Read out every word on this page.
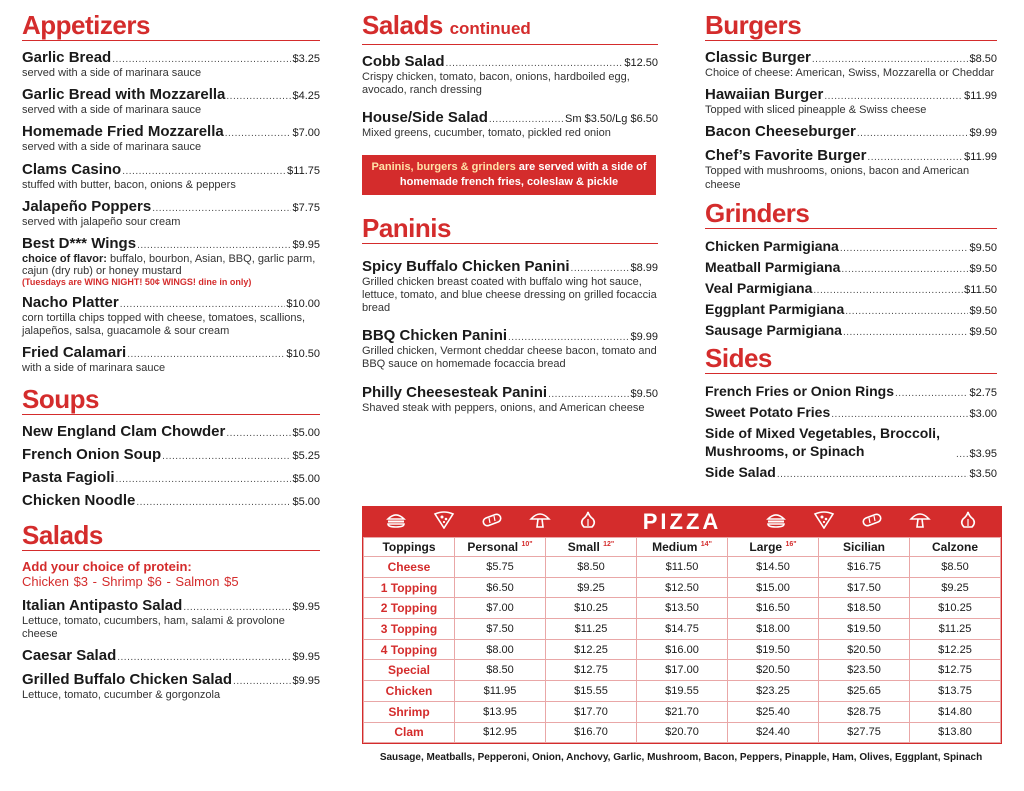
Appetizers
Garlic Bread .....	$3.25
served with a side of marinara sauce
Garlic Bread with Mozzarella .....	$4.25
served with a side of marinara sauce
Homemade Fried Mozzarella .....	$7.00
served with a side of marinara sauce
Clams Casino .....	$11.75
stuffed with butter, bacon, onions & peppers
Jalapeño Poppers .....	$7.75
served with jalapeño sour cream
Best D*** Wings .....	$9.95
choice of flavor: buffalo, bourbon, Asian, BBQ, garlic parm, cajun (dry rub) or honey mustard
(Tuesdays are WING NIGHT! 50¢ WINGS! dine in only)
Nacho Platter .....	$10.00
corn tortilla chips topped with cheese, tomatoes, scallions, jalapeños, salsa, guacamole & sour cream
Fried Calamari .....	$10.50
with a side of marinara sauce
Soups
New England Clam Chowder .....	$5.00
French Onion Soup .....	$5.25
Pasta Fagioli .....	$5.00
Chicken Noodle .....	$5.00
Salads
Add your choice of protein:
Chicken $3 - Shrimp $6 - Salmon $5
Italian Antipasto Salad .....	$9.95
Lettuce, tomato, cucumbers, ham, salami & provolone cheese
Caesar Salad .....	$9.95
Grilled Buffalo Chicken Salad .....	$9.95
Lettuce, tomato, cucumber & gorgonzola
Salads continued
Cobb Salad .....	$12.50
Crispy chicken, tomato, bacon, onions, hardboiled egg, avocado, ranch dressing
House/Side Salad .....	Sm $3.50/Lg $6.50
Mixed greens, cucumber, tomato, pickled red onion
Paninis, burgers & grinders are served with a side of homemade french fries, coleslaw & pickle
Paninis
Spicy Buffalo Chicken Panini .....	$8.99
Grilled chicken breast coated with buffalo wing hot sauce, lettuce, tomato, and blue cheese dressing on grilled focaccia bread
BBQ Chicken Panini .....	$9.99
Grilled chicken, Vermont cheddar cheese bacon, tomato and BBQ sauce on homemade focaccia bread
Philly Cheesesteak Panini .....	$9.50
Shaved steak with peppers, onions, and American cheese
Burgers
Classic Burger .....	$8.50
Choice of cheese: American, Swiss, Mozzarella or Cheddar
Hawaiian Burger .....	$11.99
Topped with sliced pineapple & Swiss cheese
Bacon Cheeseburger .....	$9.99
Chef’s Favorite Burger .....	$11.99
Topped with mushrooms, onions, bacon and American cheese
Grinders
Chicken Parmigiana .....	$9.50
Meatball Parmigiana .....	$9.50
Veal Parmigiana .....	$11.50
Eggplant Parmigiana .....	$9.50
Sausage Parmigiana .....	$9.50
Sides
French Fries or Onion Rings .....	$2.75
Sweet Potato Fries .....	$3.00
Side of Mixed Vegetables, Broccoli, Mushrooms, or Spinach .....	$3.95
Side Salad .....	$3.50
PIZZA
Toppings	Personal $^{10"}$	Small $^{12"}$	Medium $^{14"}$	Large $^{16"}$	Sicilian	Calzone
Cheese	$5.75	$8.50	$11.50	$14.50	$16.75	$8.50
1 Topping	$6.50	$9.25	$12.50	$15.00	$17.50	$9.25
2 Topping	$7.00	$10.25	$13.50	$16.50	$18.50	$10.25
3 Topping	$7.50	$11.25	$14.75	$18.00	$19.50	$11.25
4 Topping	$8.00	$12.25	$16.00	$19.50	$20.50	$12.25
Special	$8.50	$12.75	$17.00	$20.50	$23.50	$12.75
Chicken	$11.95	$15.55	$19.55	$23.25	$25.65	$13.75
Shrimp	$13.95	$17.70	$21.70	$25.40	$28.75	$14.80
Clam	$12.95	$16.70	$20.70	$24.40	$27.75	$13.80
Sausage, Meatballs, Pepperoni, Onion, Anchovy, Garlic, Mushroom, Bacon, Peppers, Pinapple, Ham, Olives, Eggplant, Spinach
